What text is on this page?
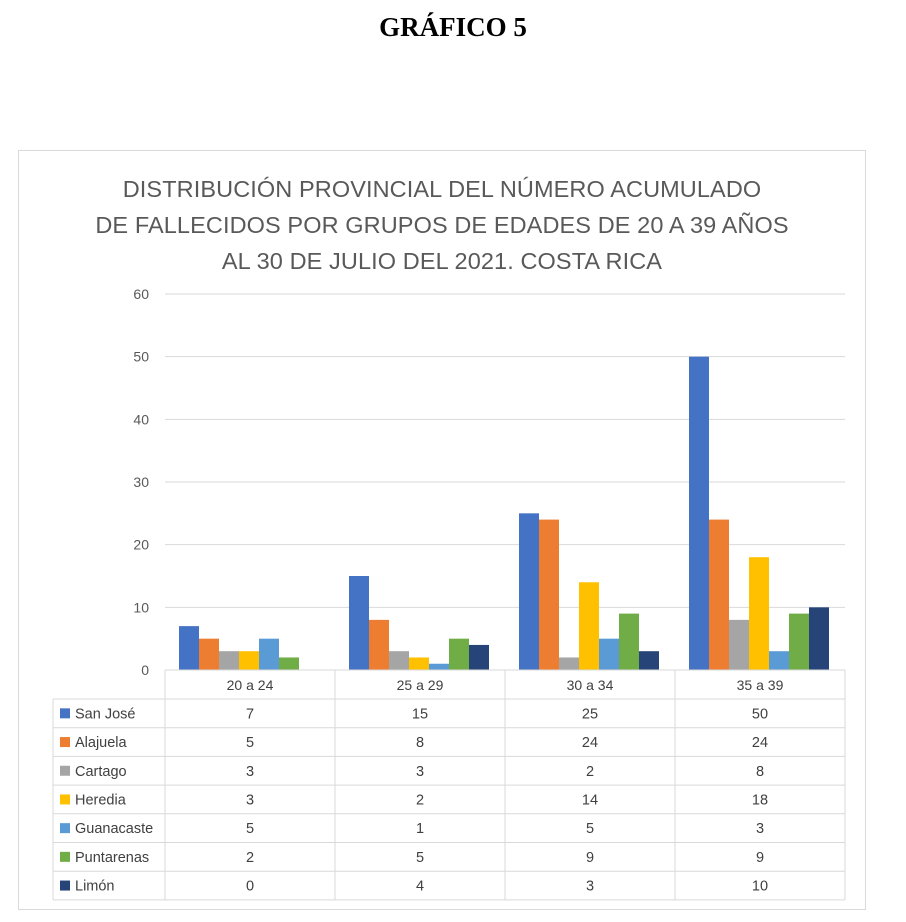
GRÁFICO 5
DISTRIBUCIÓN PROVINCIAL DEL NÚMERO ACUMULADO
DE FALLECIDOS POR GRUPOS DE EDADES DE 20 A 39 AÑOS
AL 30 DE JULIO DEL 2021. COSTA RICA
0
10
20
30
40
50
60
20 a 24	25 a 29	30 a 34	35 a 39
San José	7	15	25	50
Alajuela	5	8	24	24
Cartago	3	3	2	8
Heredia	3	2	14	18
Guanacaste	5	1	5	3
Puntarenas	2	5	9	9
Limón	0	4	3	10
